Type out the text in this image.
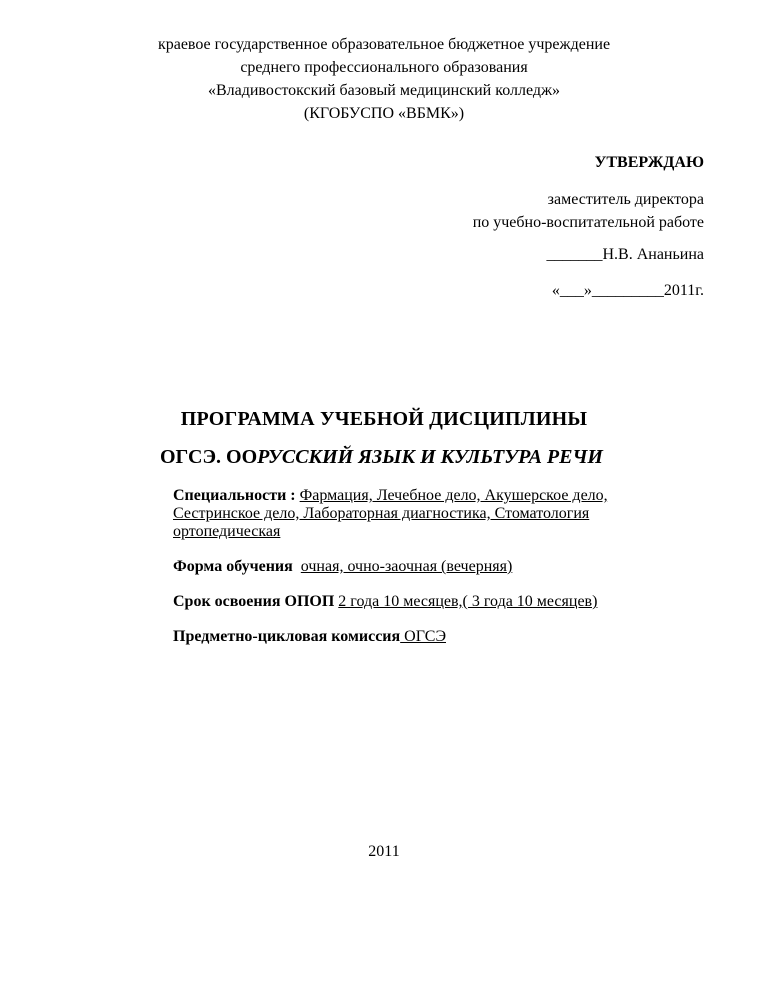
краевое государственное образовательное бюджетное учреждение
среднего профессионального образования
«Владивостокский базовый медицинский колледж»
(КГОБУСПО «ВБМК»)
УТВЕРЖДАЮ
заместитель директора
по учебно-воспитательной работе
_______Н.В. Ананьина
«___»_________2011г.
ПРОГРАММА УЧЕБНОЙ ДИСЦИПЛИНЫ
ОГСЭ. ООРУССКИЙ ЯЗЫК И КУЛЬТУРА РЕЧИ

Специальности : Фармация, Лечебное дело, Акушерское дело, Сестринское дело, Лабораторная диагностика, Стоматология ортопедическая

Форма обучения очная, очно-заочная (вечерняя)

Срок освоения ОПОП 2 года 10 месяцев,( 3 года 10 месяцев)

Предметно-цикловая комиссия ОГСЭ

2011
